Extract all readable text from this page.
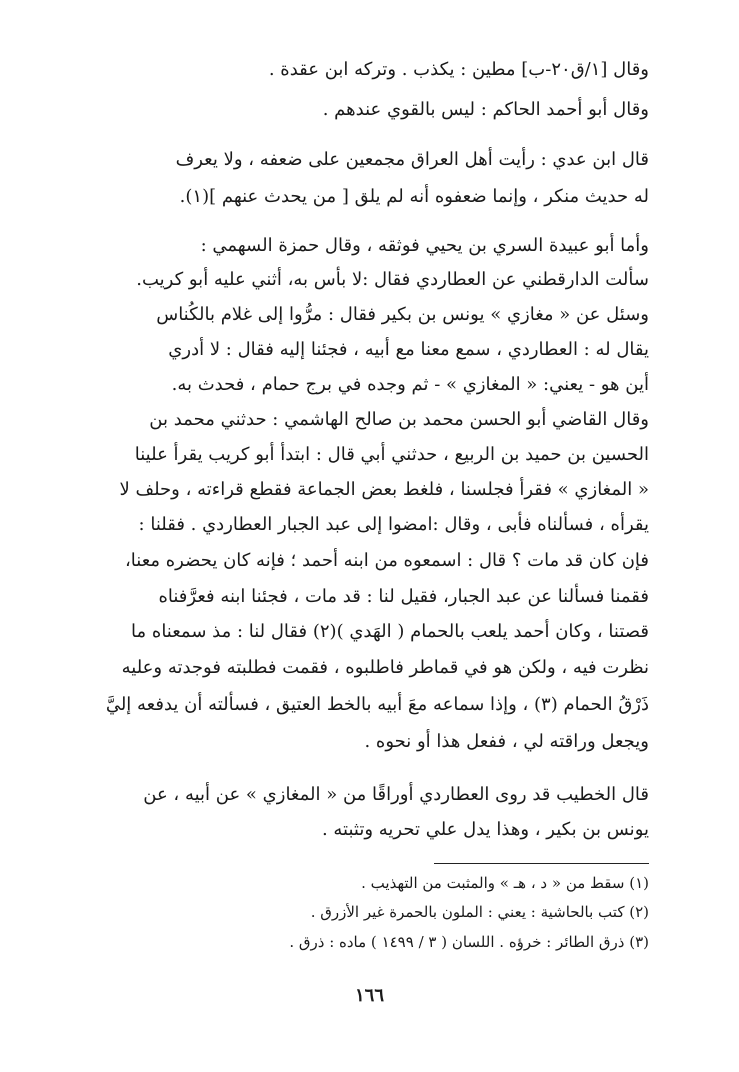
وقال [١/ق٢٠-ب] مطين : يكذب . وتركه ابن عقدة .
وقال أبو أحمد الحاكم : ليس بالقوي عندهم .
قال ابن عدي : رأيت أهل العراق مجمعين على ضعفه ، ولا يعرف
له حديث منكر ، وإنما ضعفوه أنه لم يلق [ من يحدث عنهم ](١).
وأما أبو عبيدة السري بن يحيي فوثقه ، وقال حمزة السهمي :
سألت الدارقطني عن العطاردي فقال :لا بأس به، أثني عليه أبو كريب.
وسئل عن « مغازي » يونس بن بكير فقال : مرُّوا إلى غلام بالكُناس
يقال له : العطاردي ، سمع معنا مع أبيه ، فجئنا إليه فقال : لا أدري
أين هو - يعني: « المغازي » - ثم وجده في برج حمام ، فحدث به.
وقال القاضي أبو الحسن محمد بن صالح الهاشمي : حدثني محمد بن
الحسين بن حميد بن الربيع ، حدثني أبي قال : ابتدأ أبو كريب يقرأ علينا
« المغازي » فقرأ فجلسنا ، فلغط بعض الجماعة فقطع قراءته ، وحلف لا
يقرأه ، فسألناه فأبى ، وقال :امضوا إلى عبد الجبار العطاردي . فقلنا :
فإن كان قد مات ؟ قال : اسمعوه من ابنه أحمد ؛ فإنه كان يحضره معنا،
فقمنا فسألنا عن عبد الجبار، فقيل لنا : قد مات ، فجئنا ابنه فعرَّفناه
قصتنا ، وكان أحمد يلعب بالحمام ( الهَدي )(٢) فقال لنا : مذ سمعناه ما
نظرت فيه ، ولكن هو في قماطر فاطلبوه ، فقمت فطلبته فوجدته وعليه
ذَرْقُ الحمام (٣) ، وإذا سماعه معَ أبيه بالخط العتيق ، فسألته أن يدفعه إليَّ
ويجعل وراقته لي ، ففعل هذا أو نحوه .
قال الخطيب قد روى العطاردي أوراقًا من « المغازي » عن أبيه ، عن
يونس بن بكير ، وهذا يدل علي تحريه وتثبته .
(١) سقط من « د ، هـ » والمثبت من التهذيب .
(٢) كتب بالحاشية : يعني : الملون بالحمرة غير الأزرق .
(٣) ذرق الطائر : خرؤه . اللسان ( ٣ / ١٤٩٩ ) ماده : ذرق .
١٦٦
